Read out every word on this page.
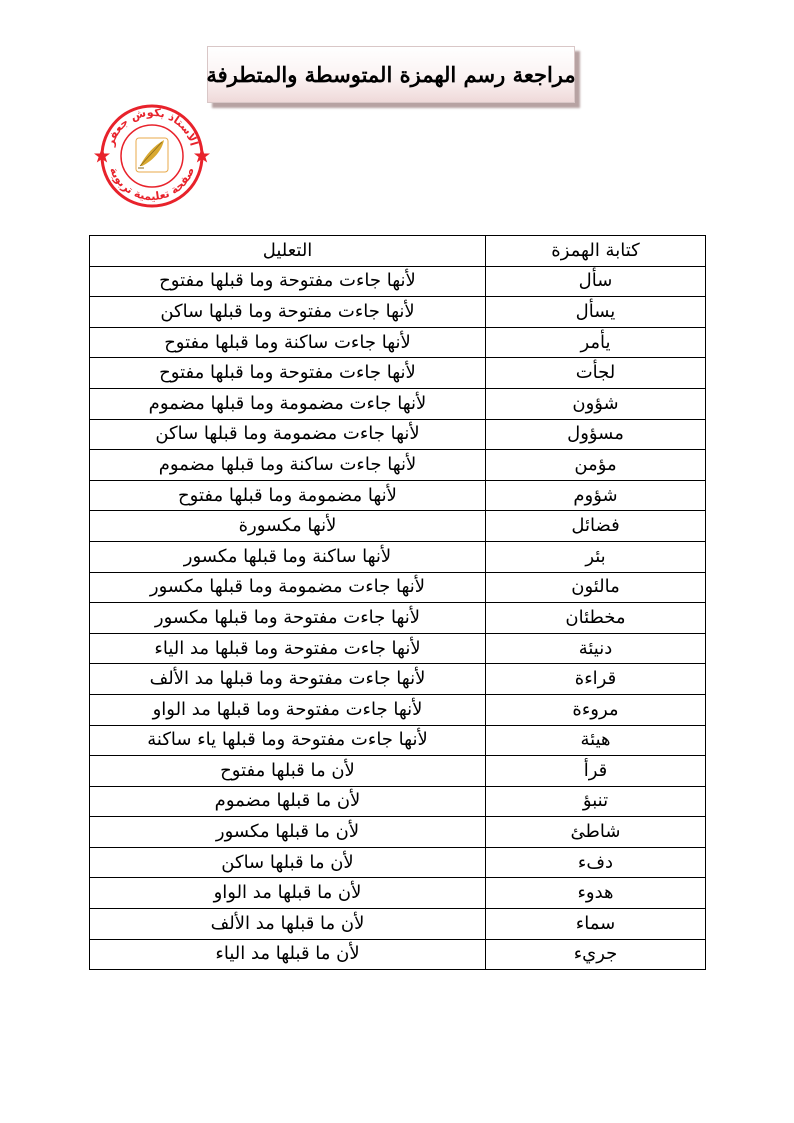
مراجعة رسم الهمزة المتوسطة والمتطرفة
الأستاذ بكوش جعفر
صفحة تعليمية تربوية
كتابة الهمزة	التعليل
سأل	لأنها جاءت مفتوحة وما قبلها مفتوح
يسأل	لأنها جاءت مفتوحة وما قبلها ساكن
يأمر	لأنها جاءت ساكنة وما قبلها مفتوح
لجأت	لأنها جاءت مفتوحة وما قبلها مفتوح
شؤون	لأنها جاءت مضمومة وما قبلها مضموم
مسؤول	لأنها جاءت مضمومة وما قبلها ساكن
مؤمن	لأنها جاءت ساكنة وما قبلها مضموم
شؤوم	لأنها مضمومة وما قبلها مفتوح
فضائل	لأنها مكسورة
بئر	لأنها ساكنة وما قبلها مكسور
مالئون	لأنها جاءت مضمومة وما قبلها مكسور
مخطئان	لأنها جاءت مفتوحة وما قبلها مكسور
دنيئة	لأنها جاءت مفتوحة وما قبلها مد الياء
قراءة	لأنها جاءت مفتوحة وما قبلها مد الألف
مروءة	لأنها جاءت مفتوحة وما قبلها مد الواو
هيئة	لأنها جاءت مفتوحة وما قبلها ياء ساكنة
قرأ	لأن ما قبلها مفتوح
تنبؤ	لأن ما قبلها مضموم
شاطئ	لأن ما قبلها مكسور
دفء	لأن ما قبلها ساكن
هدوء	لأن ما قبلها مد الواو
سماء	لأن ما قبلها مد الألف
جريء	لأن ما قبلها مد الياء
